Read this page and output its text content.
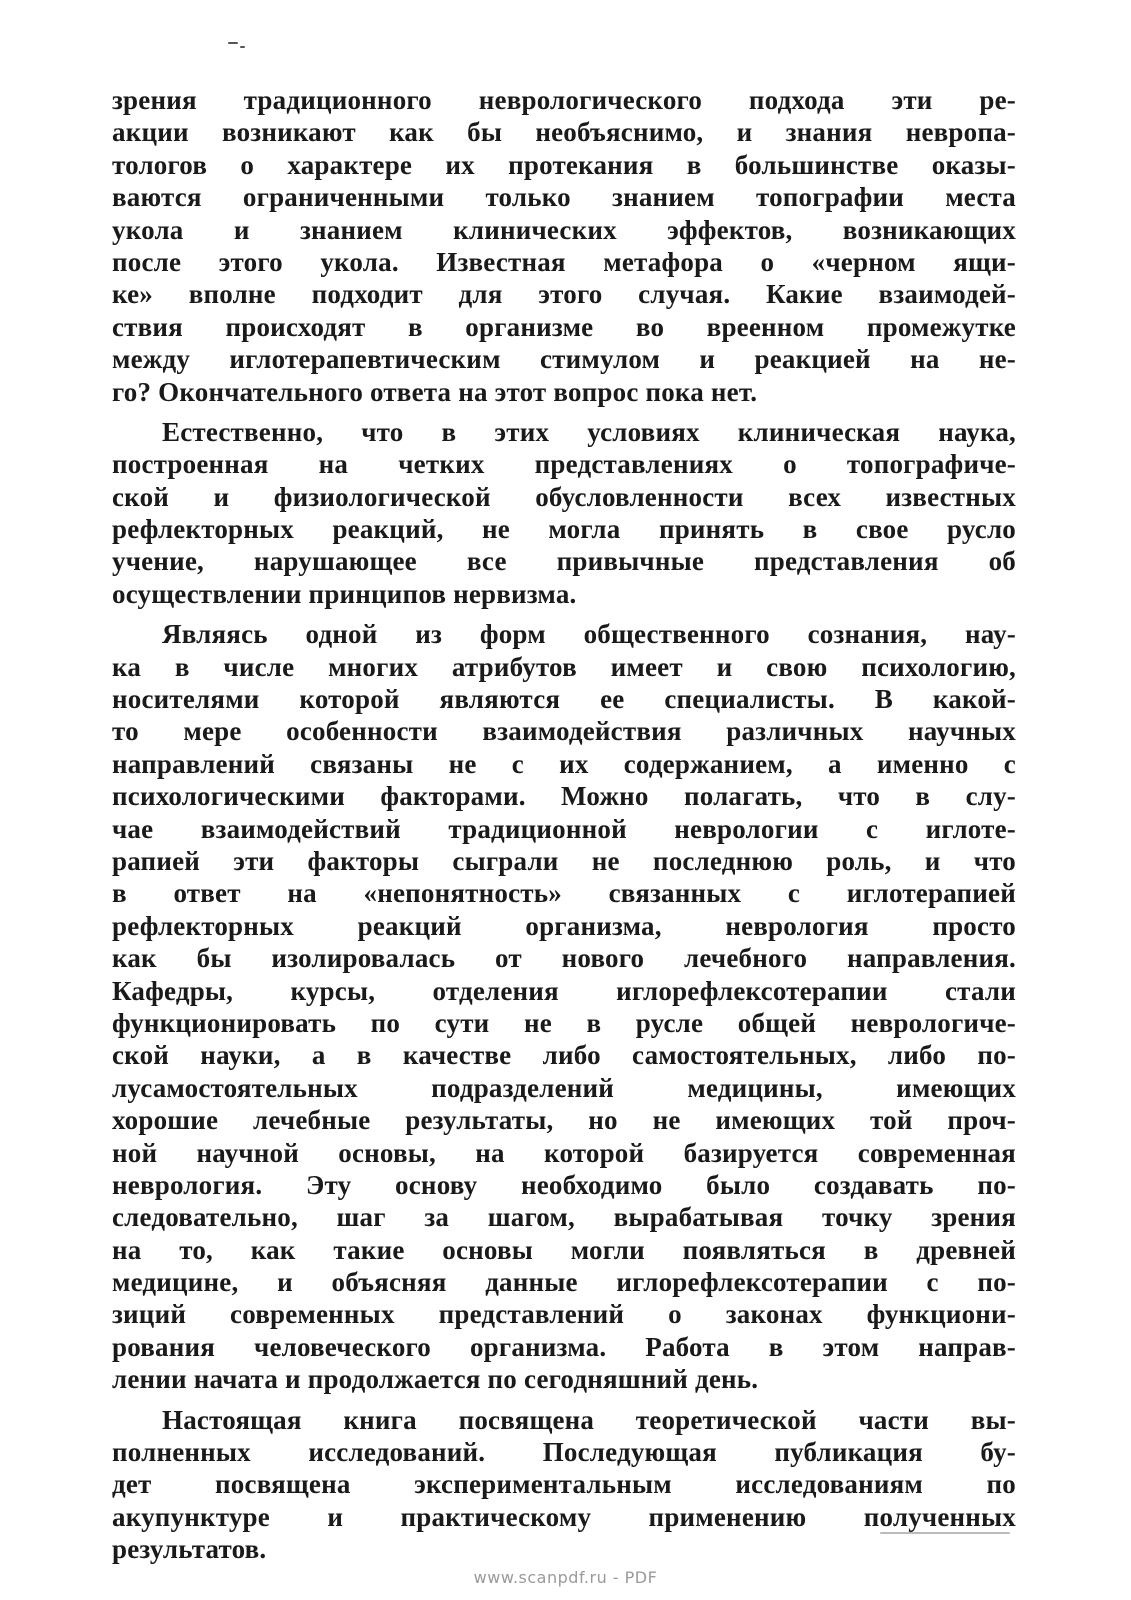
зрения традиционного неврологического подхода эти ре-
акции возникают как бы необъяснимо, и знания невропа-
тологов о характере их протекания в большинстве оказы-
ваются ограниченными только знанием топографии места
укола и знанием клинических эффектов, возникающих
после этого укола. Известная метафора о «черном ящи-
ке» вполне подходит для этого случая. Какие взаимодей-
ствия происходят в организме во вреенном промежутке
между иглотерапевтическим стимулом и реакцией на не-
го? Окончательного ответа на этот вопрос пока нет.
Естественно, что в этих условиях клиническая наука,
построенная на четких представлениях о топографиче-
ской и физиологической обусловленности всех известных
рефлекторных реакций, не могла принять в свое русло
учение, нарушающее все привычные представления об
осуществлении принципов нервизма.
Являясь одной из форм общественного сознания, нау-
ка в числе многих атрибутов имеет и свою психологию,
носителями которой являются ее специалисты. В какой-
то мере особенности взаимодействия различных научных
направлений связаны не с их содержанием, а именно с
психологическими факторами. Можно полагать, что в слу-
чае взаимодействий традиционной неврологии с иглоте-
рапией эти факторы сыграли не последнюю роль, и что
в ответ на «непонятность» связанных с иглотерапией
рефлекторных реакций организма, неврология просто
как бы изолировалась от нового лечебного направления.
Кафедры, курсы, отделения иглорефлексотерапии стали
функционировать по сути не в русле общей неврологиче-
ской науки, а в качестве либо самостоятельных, либо по-
лусамостоятельных подразделений медицины, имеющих
хорошие лечебные результаты, но не имеющих той проч-
ной научной основы, на которой базируется современная
неврология. Эту основу необходимо было создавать по-
следовательно, шаг за шагом, вырабатывая точку зрения
на то, как такие основы могли появляться в древней
медицине, и объясняя данные иглорефлексотерапии с по-
зиций современных представлений о законах функциони-
рования человеческого организма. Работа в этом направ-
лении начата и продолжается по сегодняшний день.
Настоящая книга посвящена теоретической части вы-
полненных исследований. Последующая публикация бу-
дет посвящена экспериментальным исследованиям по
акупунктуре и практическому применению полученных
результатов.
www.scanpdf.ru - PDF
